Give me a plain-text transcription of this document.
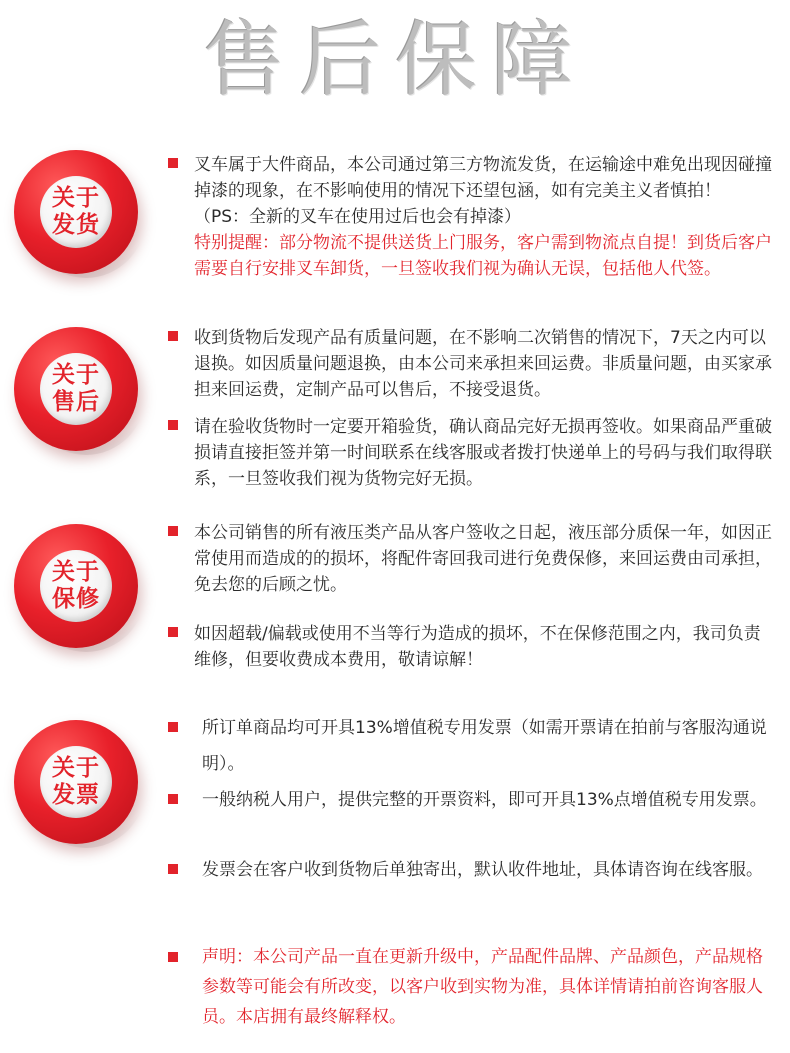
售后保障
关于
发货
叉车属于大件商品，本公司通过第三方物流发货，在运输途中难免出现因碰撞掉漆的现象，在不影响使用的情况下还望包涵，如有完美主义者慎拍！（PS：全新的叉车在使用过后也会有掉漆）
特别提醒：部分物流不提供送货上门服务，客户需到物流点自提！到货后客户需要自行安排叉车卸货，一旦签收我们视为确认无误，包括他人代签。
关于
售后
收到货物后发现产品有质量问题，在不影响二次销售的情况下，7天之内可以退换。如因质量问题退换，由本公司来承担来回运费。非质量问题，由买家承担来回运费，定制产品可以售后，不接受退货。
请在验收货物时一定要开箱验货，确认商品完好无损再签收。如果商品严重破损请直接拒签并第一时间联系在线客服或者拨打快递单上的号码与我们取得联系，一旦签收我们视为货物完好无损。
关于
保修
本公司销售的所有液压类产品从客户签收之日起，液压部分质保一年，如因正常使用而造成的的损坏，将配件寄回我司进行免费保修，来回运费由司承担，免去您的后顾之忧。
如因超载/偏载或使用不当等行为造成的损坏，不在保修范围之内，我司负责维修，但要收费成本费用，敬请谅解！
关于
发票
所订单商品均可开具13%增值税专用发票（如需开票请在拍前与客服沟通说明）。
一般纳税人用户，提供完整的开票资料，即可开具13%点增值税专用发票。
发票会在客户收到货物后单独寄出，默认收件地址，具体请咨询在线客服。
声明：本公司产品一直在更新升级中，产品配件品牌、产品颜色，产品规格参数等可能会有所改变，以客户收到实物为准，具体详情请拍前咨询客服人员。本店拥有最终解释权。
